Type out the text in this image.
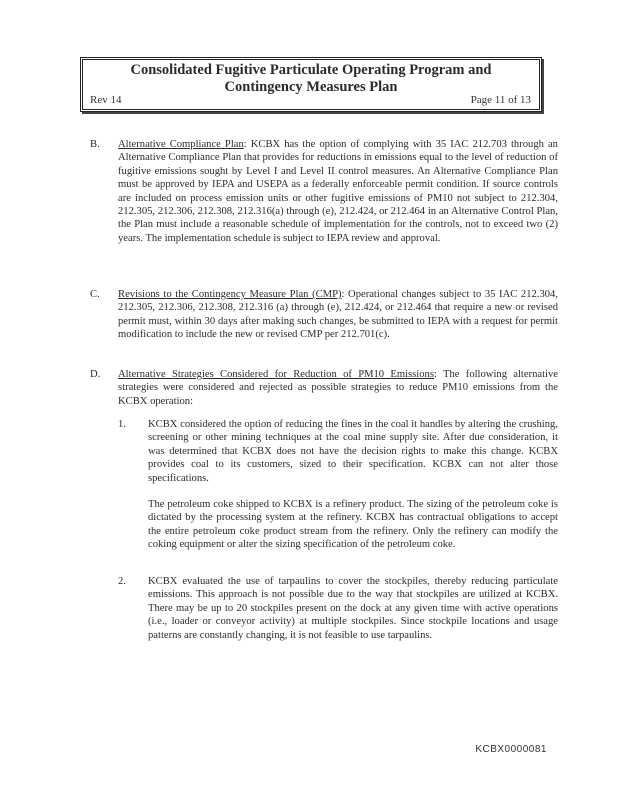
Consolidated Fugitive Particulate Operating Program and
Contingency Measures Plan
Rev 14	Page 11 of 13
B.	Alternative Compliance Plan: KCBX has the option of complying with 35 IAC 212.703 through an Alternative Compliance Plan that provides for reductions in emissions equal to the level of reduction of fugitive emissions sought by Level I and Level II control measures. An Alternative Compliance Plan must be approved by IEPA and USEPA as a federally enforceable permit condition. If source controls are included on process emission units or other fugitive emissions of PM10 not subject to 212.304, 212.305, 212.306, 212.308, 212.316(a) through (e), 212.424, or 212.464 in an Alternative Control Plan, the Plan must include a reasonable schedule of implementation for the controls, not to exceed two (2) years. The implementation schedule is subject to IEPA review and approval.
C.	Revisions to the Contingency Measure Plan (CMP): Operational changes subject to 35 IAC 212.304, 212.305, 212.306, 212.308, 212.316 (a) through (e), 212.424, or 212.464 that require a new or revised permit must, within 30 days after making such changes, be submitted to IEPA with a request for permit modification to include the new or revised CMP per 212.701(c).
D.	Alternative Strategies Considered for Reduction of PM10 Emissions: The following alternative strategies were considered and rejected as possible strategies to reduce PM10 emissions from the KCBX operation:
1.	KCBX considered the option of reducing the fines in the coal it handles by altering the crushing, screening or other mining techniques at the coal mine supply site. After due consideration, it was determined that KCBX does not have the decision rights to make this change. KCBX provides coal to its customers, sized to their specification. KCBX can not alter those specifications.
The petroleum coke shipped to KCBX is a refinery product. The sizing of the petroleum coke is dictated by the processing system at the refinery. KCBX has contractual obligations to accept the entire petroleum coke product stream from the refinery. Only the refinery can modify the coking equipment or alter the sizing specification of the petroleum coke.
2.	KCBX evaluated the use of tarpaulins to cover the stockpiles, thereby reducing particulate emissions. This approach is not possible due to the way that stockpiles are utilized at KCBX. There may be up to 20 stockpiles present on the dock at any given time with active operations (i.e., loader or conveyor activity) at multiple stockpiles. Since stockpile locations and usage patterns are constantly changing, it is not feasible to use tarpaulins.
KCBX0000081
